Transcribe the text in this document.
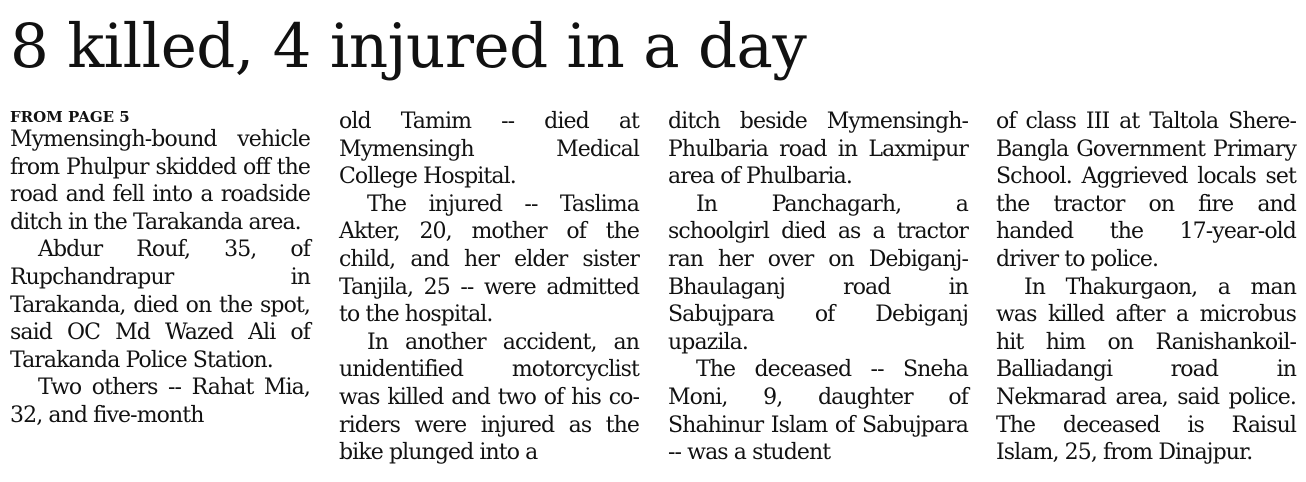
8 killed, 4 injured in a day
FROM PAGE 5

Mymensingh-bound vehicle from Phulpur skidded off the road and fell into a roadside ditch in the Tarakanda area.

Abdur Rouf, 35, of Rupchandrapur in Tarakanda, died on the spot, said OC Md Wazed Ali of Tarakanda Police Station.

Two others -- Rahat Mia, 32, and five-month

old Tamim -- died at Mymensingh Medical College Hospital.

The injured -- Taslima Akter, 20, mother of the child, and her elder sister Tanjila, 25 -- were admitted to the hospital.

In another accident, an unidentified motorcyclist was killed and two of his co-riders were injured as the bike plunged into a

ditch beside Mymensingh-Phulbaria road in Laxmipur area of Phulbaria.

In Panchagarh, a schoolgirl died as a tractor ran her over on Debiganj-Bhaulaganj road in Sabujpara of Debiganj upazila.

The deceased -- Sneha Moni, 9, daughter of Shahinur Islam of Sabujpara -- was a student

of class III at Taltola Shere-Bangla Government Primary School. Aggrieved locals set the tractor on fire and handed the 17-year-old driver to police.

In Thakurgaon, a man was killed after a microbus hit him on Ranishankoil-Balliadangi road in Nekmarad area, said police. The deceased is Raisul Islam, 25, from Dinajpur.
